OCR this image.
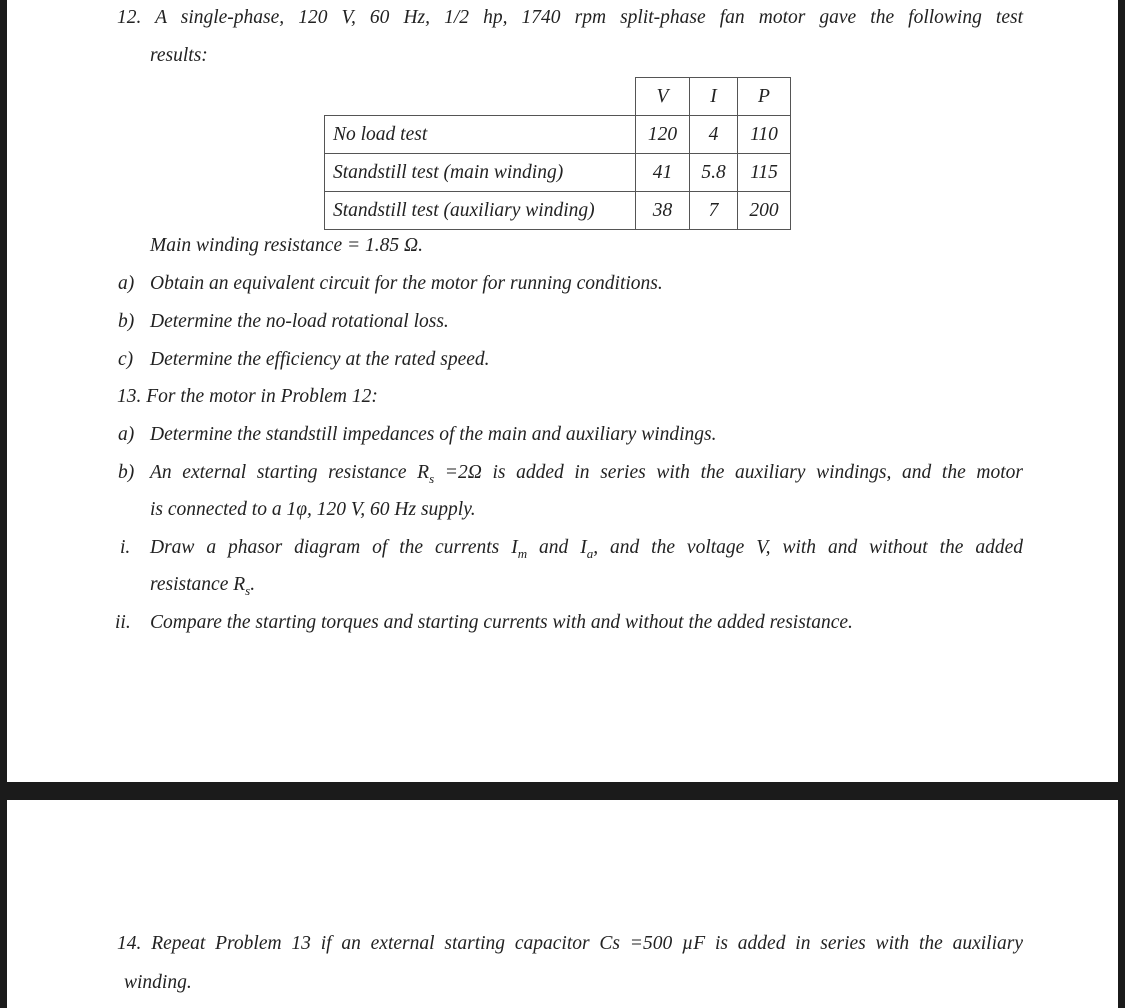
12. A single-phase, 120 V, 60 Hz, 1/2 hp, 1740 rpm split-phase fan motor gave the following test
results:
	V	I	P
No load test	120	4	110
Standstill test (main winding)	41	5.8	115
Standstill test (auxiliary winding)	38	7	200
Main winding resistance = 1.85 Ω.
a) Obtain an equivalent circuit for the motor for running conditions.
b) Determine the no-load rotational loss.
c) Determine the efficiency at the rated speed.
13. For the motor in Problem 12:
a) Determine the standstill impedances of the main and auxiliary windings.
b) An external starting resistance $R_s =2\Omega$ is added in series with the auxiliary windings, and the motor
is connected to a 1φ, 120 V, 60 Hz supply.
i. Draw a phasor diagram of the currents $I_m$ and $I_a$, and the voltage V, with and without the added
resistance $R_s$.
ii. Compare the starting torques and starting currents with and without the added resistance.
14. Repeat Problem 13 if an external starting capacitor Cs =500 µF is added in series with the auxiliary
winding.
